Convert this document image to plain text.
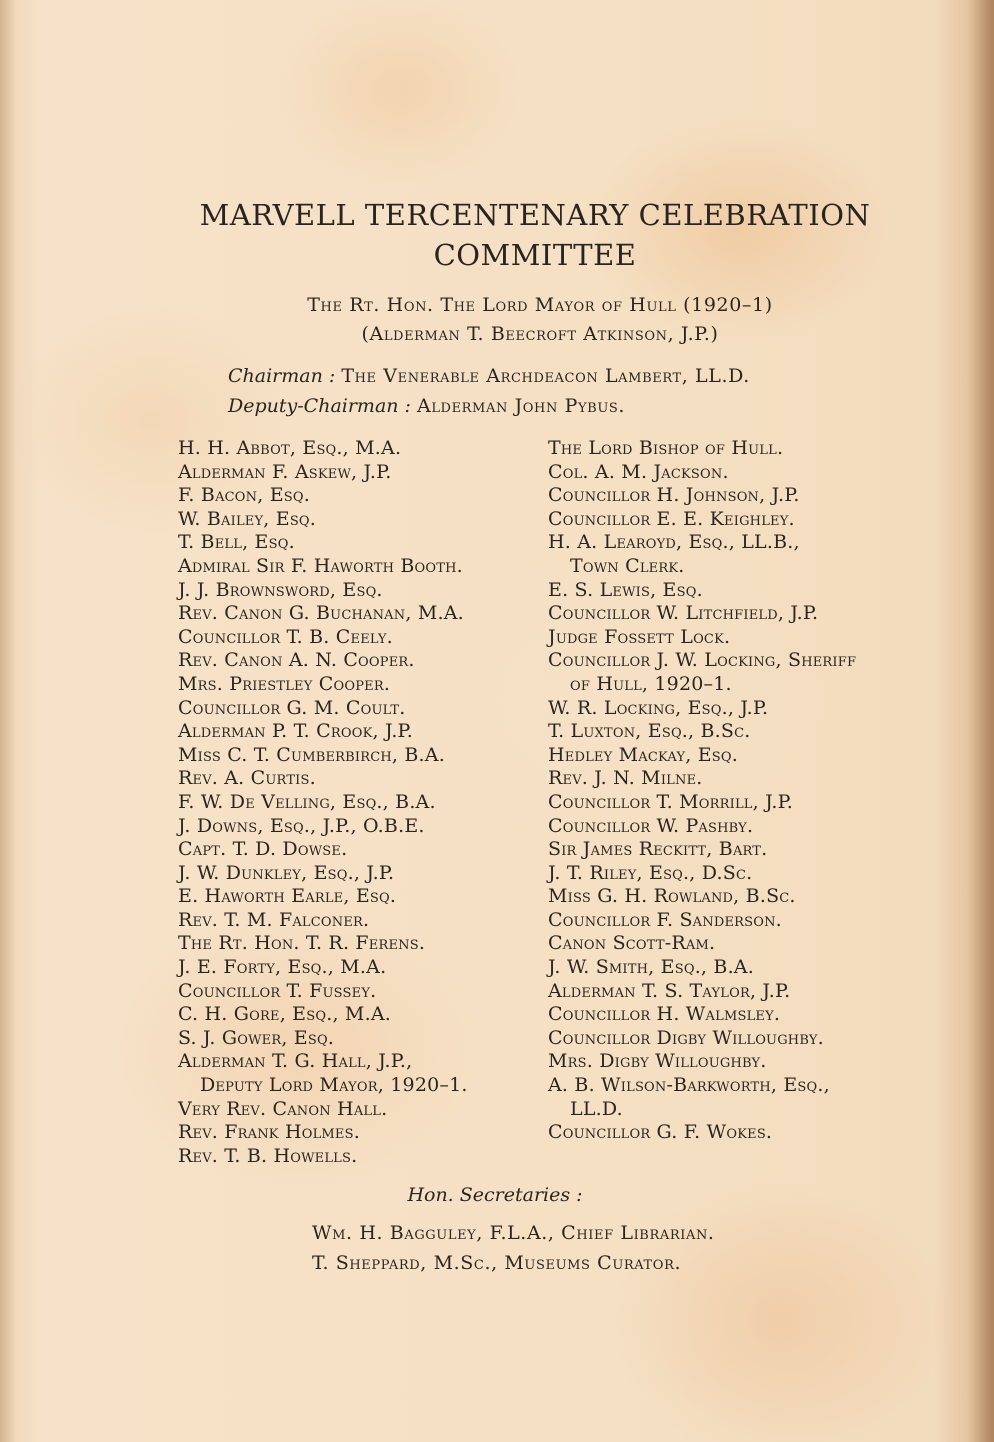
MARVELL TERCENTENARY CELEBRATION
COMMITTEE
The Rt. Hon. The Lord Mayor of Hull (1920–1)
(Alderman T. Beecroft Atkinson, J.P.)
Chairman : The Venerable Archdeacon Lambert, LL.D.
Deputy-Chairman : Alderman John Pybus.
H. H. Abbot, Esq., M.A.
Alderman F. Askew, J.P.
F. Bacon, Esq.
W. Bailey, Esq.
T. Bell, Esq.
Admiral Sir F. Haworth Booth.
J. J. Brownsword, Esq.
Rev. Canon G. Buchanan, M.A.
Councillor T. B. Ceely.
Rev. Canon A. N. Cooper.
Mrs. Priestley Cooper.
Councillor G. M. Coult.
Alderman P. T. Crook, J.P.
Miss C. T. Cumberbirch, B.A.
Rev. A. Curtis.
F. W. De Velling, Esq., B.A.
J. Downs, Esq., J.P., O.B.E.
Capt. T. D. Dowse.
J. W. Dunkley, Esq., J.P.
E. Haworth Earle, Esq.
Rev. T. M. Falconer.
The Rt. Hon. T. R. Ferens.
J. E. Forty, Esq., M.A.
Councillor T. Fussey.
C. H. Gore, Esq., M.A.
S. J. Gower, Esq.
Alderman T. G. Hall, J.P.,
Deputy Lord Mayor, 1920–1.
Very Rev. Canon Hall.
Rev. Frank Holmes.
Rev. T. B. Howells.
The Lord Bishop of Hull.
Col. A. M. Jackson.
Councillor H. Johnson, J.P.
Councillor E. E. Keighley.
H. A. Learoyd, Esq., LL.B.,
Town Clerk.
E. S. Lewis, Esq.
Councillor W. Litchfield, J.P.
Judge Fossett Lock.
Councillor J. W. Locking, Sheriff
of Hull, 1920–1.
W. R. Locking, Esq., J.P.
T. Luxton, Esq., B.Sc.
Hedley Mackay, Esq.
Rev. J. N. Milne.
Councillor T. Morrill, J.P.
Councillor W. Pashby.
Sir James Reckitt, Bart.
J. T. Riley, Esq., D.Sc.
Miss G. H. Rowland, B.Sc.
Councillor F. Sanderson.
Canon Scott-Ram.
J. W. Smith, Esq., B.A.
Alderman T. S. Taylor, J.P.
Councillor H. Walmsley.
Councillor Digby Willoughby.
Mrs. Digby Willoughby.
A. B. Wilson-Barkworth, Esq.,
LL.D.
Councillor G. F. Wokes.
Hon. Secretaries :
Wm. H. Bagguley, F.L.A., Chief Librarian.
T. Sheppard, M.Sc., Museums Curator.
